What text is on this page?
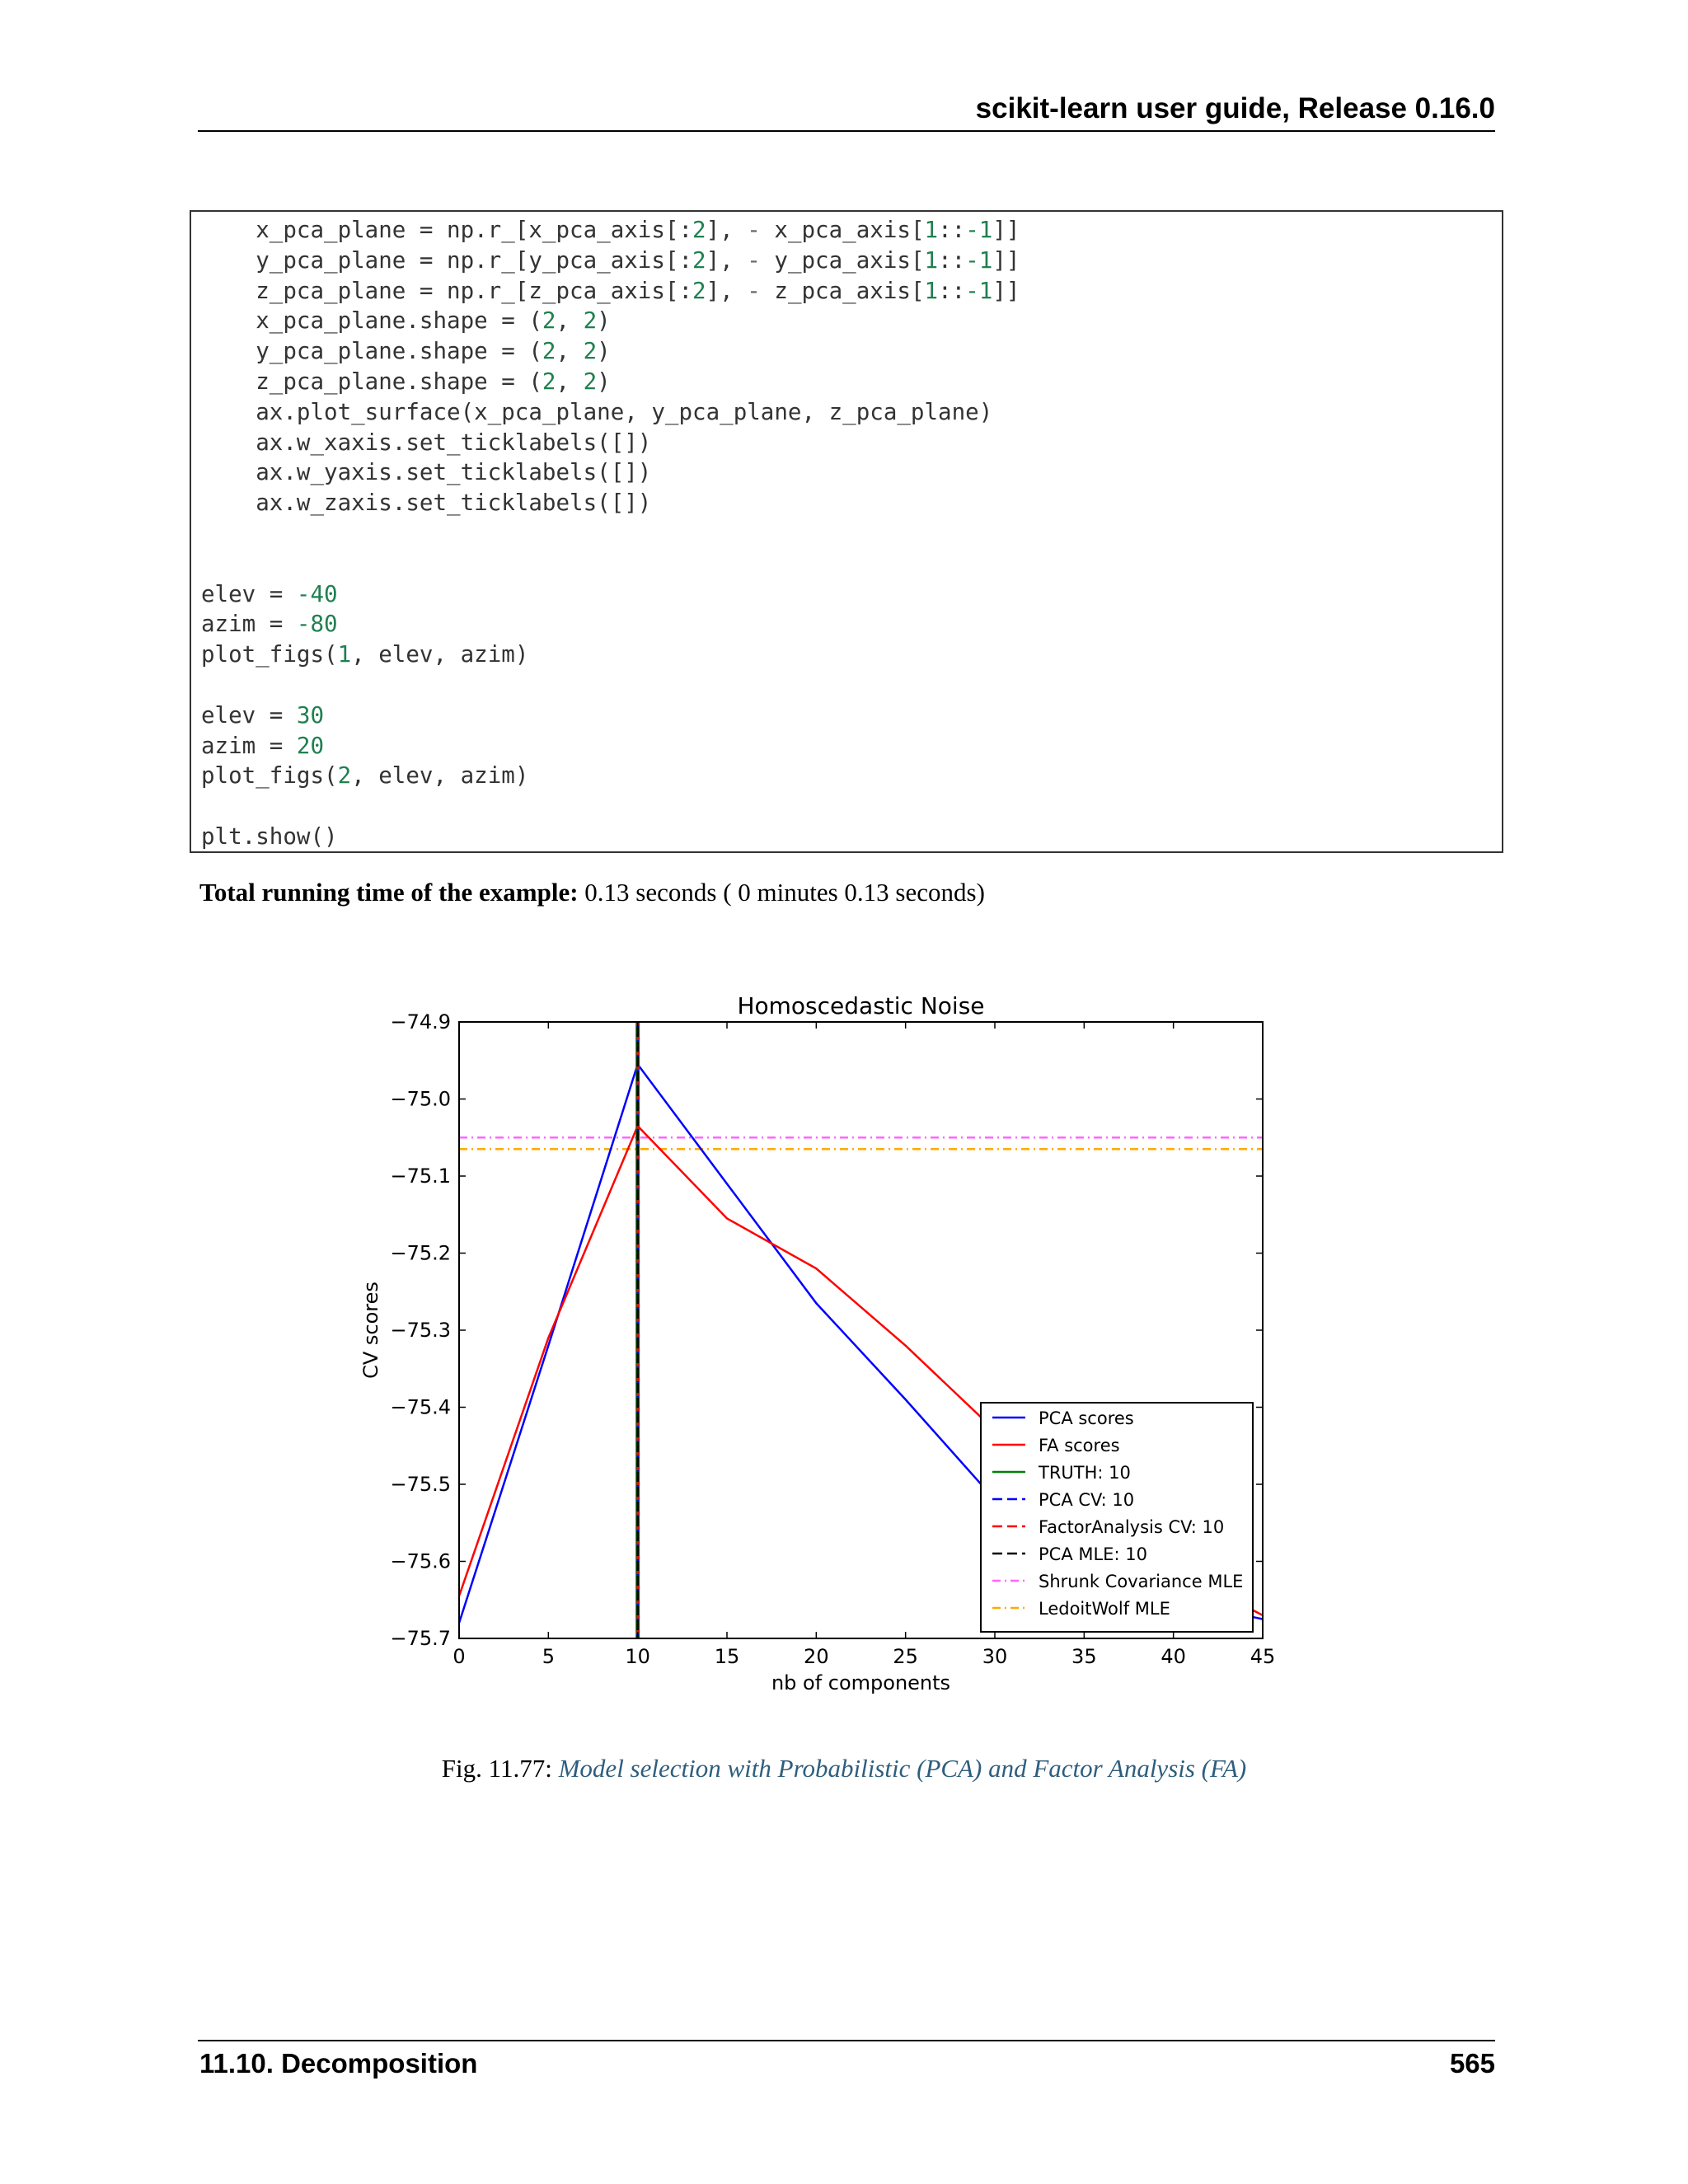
scikit-learn user guide, Release 0.16.0
x_pca_plane = np.r_[x_pca_axis[:2], - x_pca_axis[1::-1]]
y_pca_plane = np.r_[y_pca_axis[:2], - y_pca_axis[1::-1]]
z_pca_plane = np.r_[z_pca_axis[:2], - z_pca_axis[1::-1]]
x_pca_plane.shape = (2, 2)
y_pca_plane.shape = (2, 2)
z_pca_plane.shape = (2, 2)
ax.plot_surface(x_pca_plane, y_pca_plane, z_pca_plane)
ax.w_xaxis.set_ticklabels([])
ax.w_yaxis.set_ticklabels([])
ax.w_zaxis.set_ticklabels([])

elev = -40
azim = -80
plot_figs(1, elev, azim)

elev = 30
azim = 20
plot_figs(2, elev, azim)

plt.show()
Total running time of the example: 0.13 seconds ( 0 minutes 0.13 seconds)
0	5	10	15	20	25	30	35	40	45
−74.9
−75.0
−75.1
−75.2
−75.3
−75.4
−75.5
−75.6
−75.7
Homoscedastic Noise
nb of components
CV scores
PCA scores
FA scores
TRUTH: 10
PCA CV: 10
FactorAnalysis CV: 10
PCA MLE: 10
Shrunk Covariance MLE
LedoitWolf MLE
Fig. 11.77: Model selection with Probabilistic (PCA) and Factor Analysis (FA)
11.10. Decomposition	565
